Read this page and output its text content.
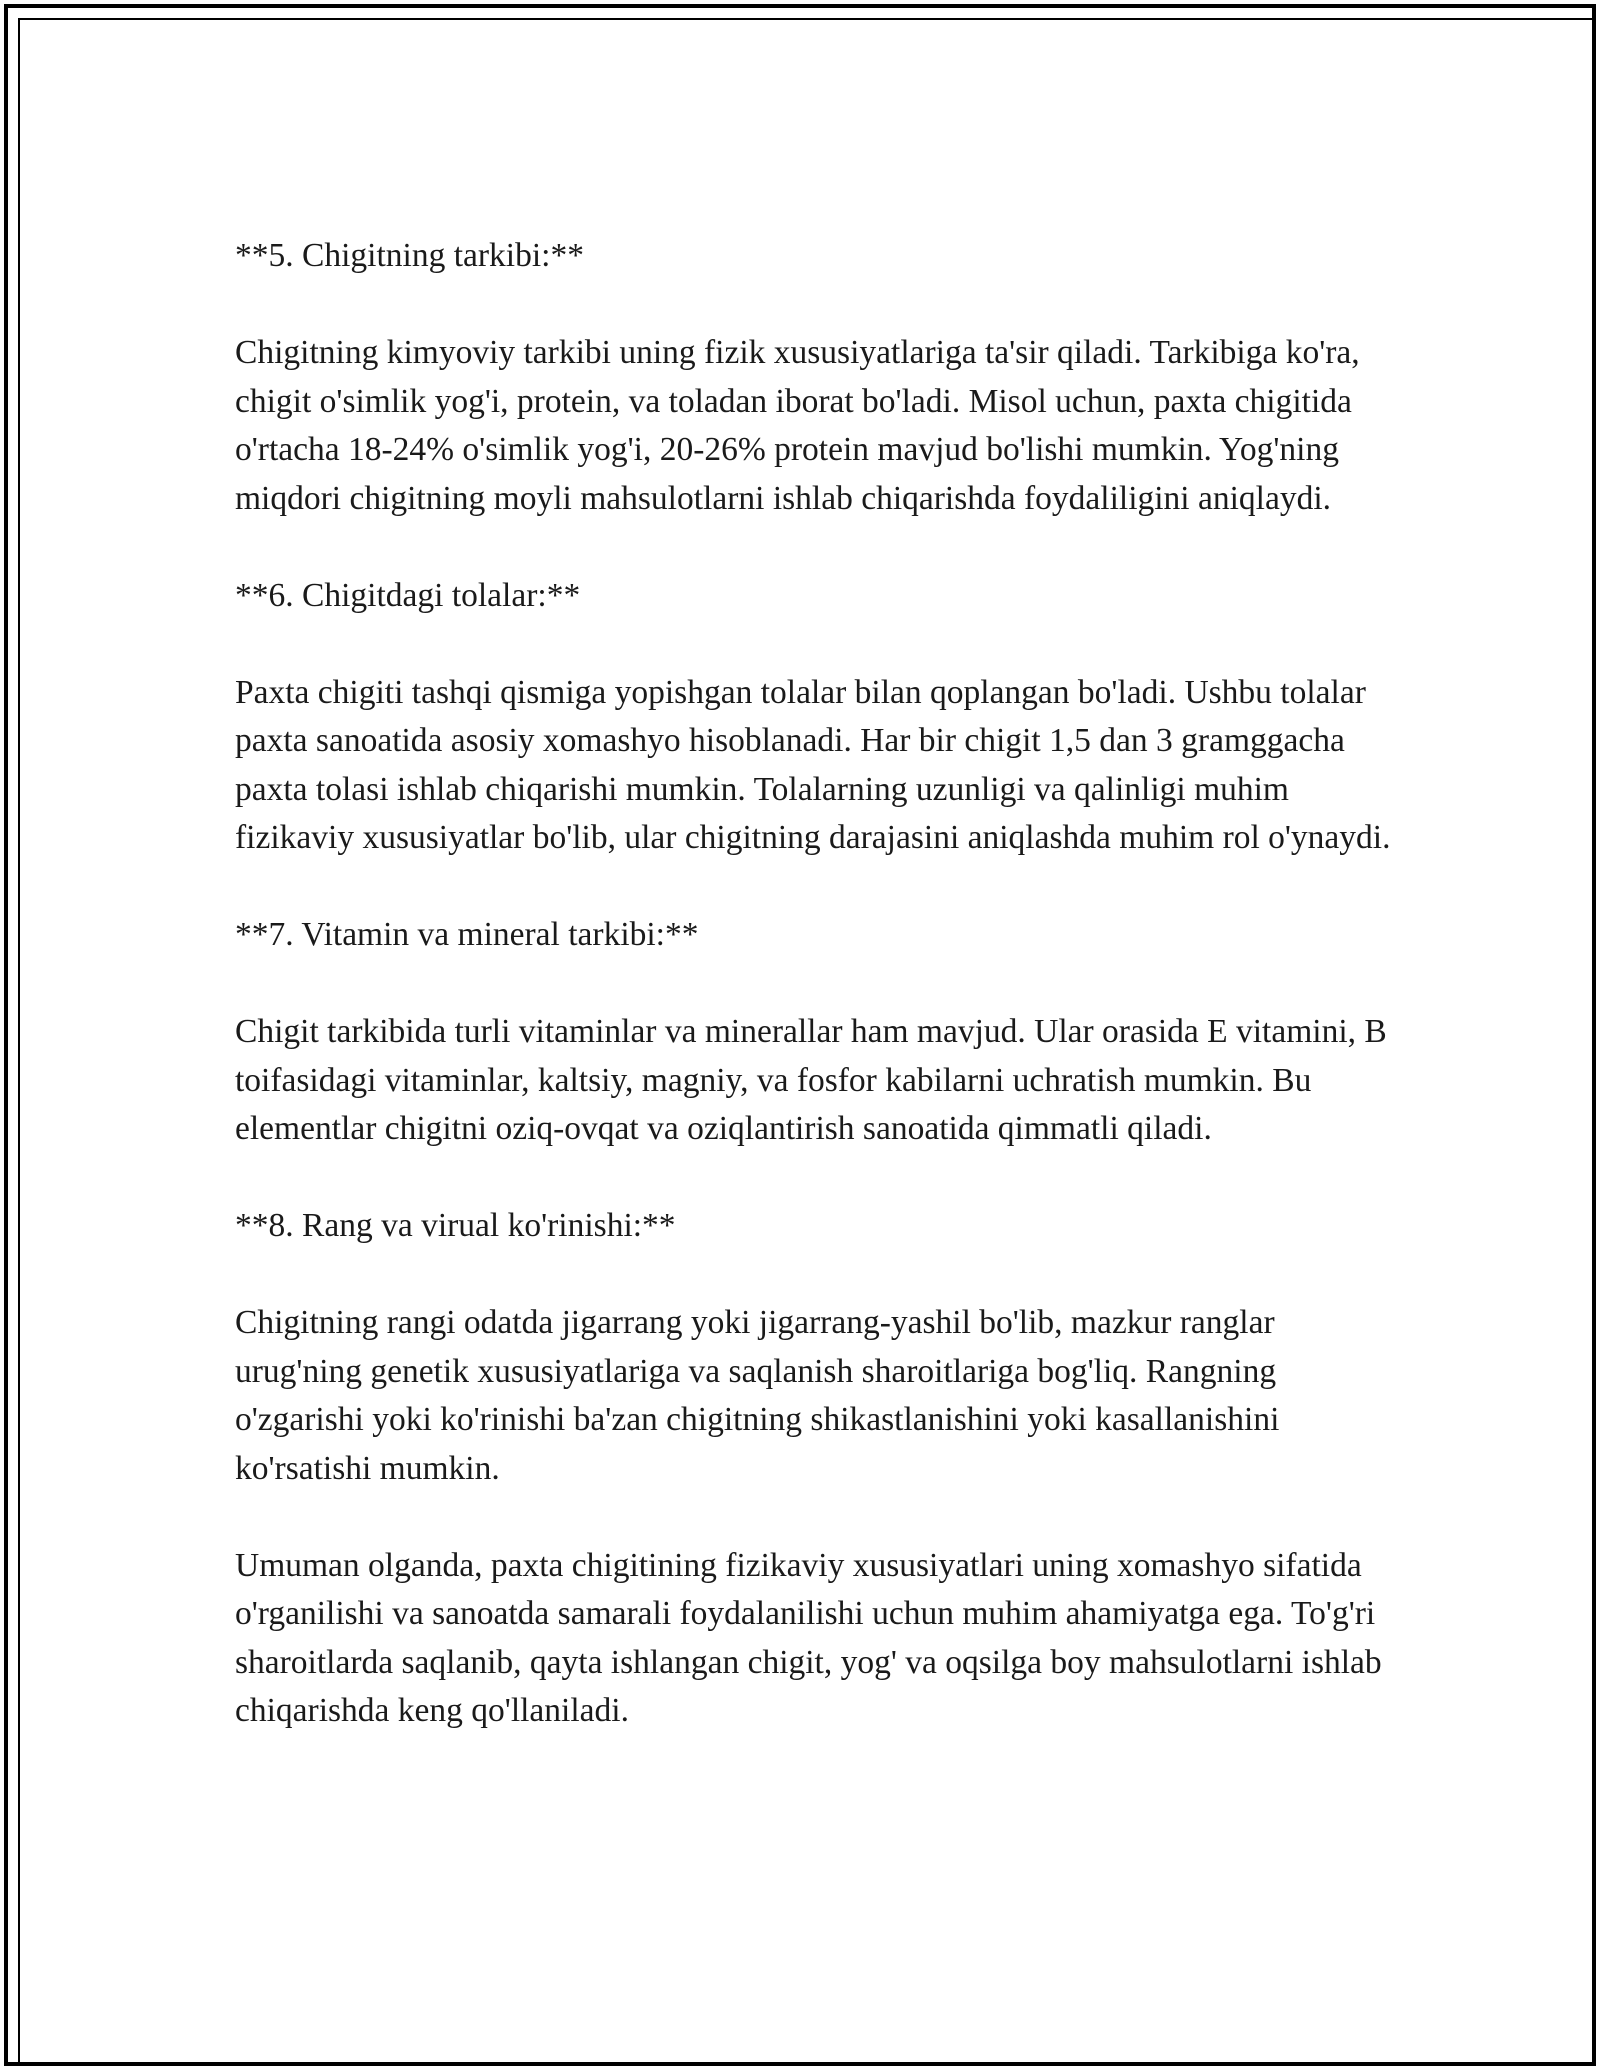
**5. Chigitning tarkibi:**

Chigitning kimyoviy tarkibi uning fizik xususiyatlariga ta'sir qiladi. Tarkibiga ko'ra, chigit o'simlik yog'i, protein, va toladan iborat bo'ladi. Misol uchun, paxta chigitida o'rtacha 18-24% o'simlik yog'i, 20-26% protein mavjud bo'lishi mumkin. Yog'ning miqdori chigitning moyli mahsulotlarni ishlab chiqarishda foydaliligini aniqlaydi.

**6. Chigitdagi tolalar:**

Paxta chigiti tashqi qismiga yopishgan tolalar bilan qoplangan bo'ladi. Ushbu tolalar paxta sanoatida asosiy xomashyo hisoblanadi. Har bir chigit 1,5 dan 3 gramggacha paxta tolasi ishlab chiqarishi mumkin. Tolalarning uzunligi va qalinligi muhim fizikaviy xususiyatlar bo'lib, ular chigitning darajasini aniqlashda muhim rol o'ynaydi.

**7. Vitamin va mineral tarkibi:**

Chigit tarkibida turli vitaminlar va minerallar ham mavjud. Ular orasida E vitamini, B toifasidagi vitaminlar, kaltsiy, magniy, va fosfor kabilarni uchratish mumkin. Bu elementlar chigitni oziq-ovqat va oziqlantirish sanoatida qimmatli qiladi.

**8. Rang va virual ko'rinishi:**

Chigitning rangi odatda jigarrang yoki jigarrang-yashil bo'lib, mazkur ranglar urug'ning genetik xususiyatlariga va saqlanish sharoitlariga bog'liq. Rangning o'zgarishi yoki ko'rinishi ba'zan chigitning shikastlanishini yoki kasallanishini ko'rsatishi mumkin.

Umuman olganda, paxta chigitining fizikaviy xususiyatlari uning xomashyo sifatida o'rganilishi va sanoatda samarali foydalanilishi uchun muhim ahamiyatga ega. To'g'ri sharoitlarda saqlanib, qayta ishlangan chigit, yog' va oqsilga boy mahsulotlarni ishlab chiqarishda keng qo'llaniladi.
